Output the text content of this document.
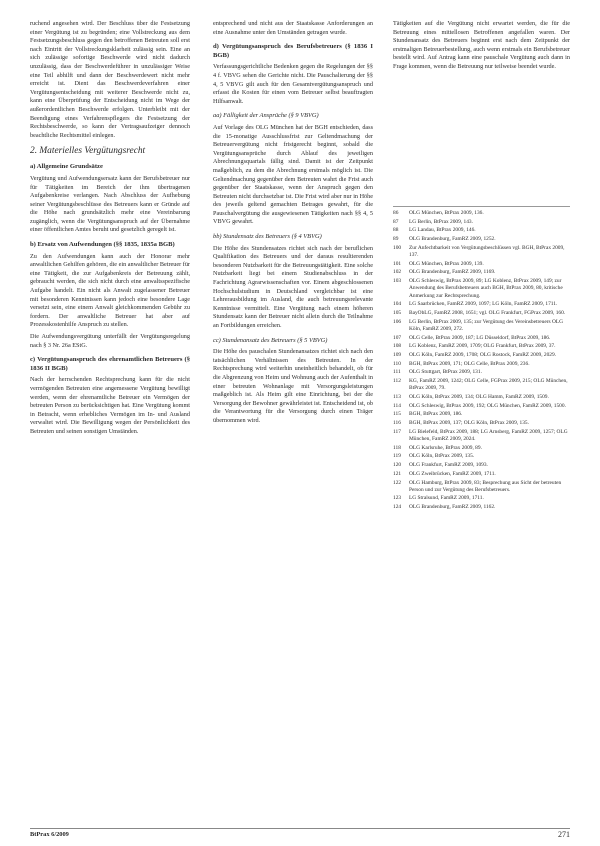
ruchend angesehen wird. Der Beschluss über die Festsetzung einer Vergütung ist zu begründen; eine Vollstreckung aus dem Festsetzungsbeschluss gegen den betroffenen Betreuten soll erst nach Eintritt der Vollstreckungsklarheit zulässig sein. Eine an sich zulässige sofortige Beschwerde wird nicht dadurch unzulässig, dass der Beschwerdeführer in unzulässiger Weise eine Teil abhilft und dann der Beschwerdewert nicht mehr erreicht ist. Dient das Beschwerdeverfahren einer Vergütungsentscheidung mit weiterer Beschwerde nicht zu, kann eine Überprüfung der Entscheidung nicht im Wege der außerordentlichen Beschwerde erfolgen. Unterbleibt mit der Beendigung eines Verfahrenspflegers die Festsetzung der Rechtsbeschwerde, so kann der Vertragsaufzeiger dennoch beachtliche Rechtsmittel einlegen.

2. Materielles Vergütungsrecht
a) Allgemeine Grundsätze

Vergütung und Aufwendungsersatz kann der Berufsbetreuer nur für Tätigkeiten im Bereich der ihm übertragenen Aufgabenkreise verlangen. Nach Abschluss der Aufhebung seiner Vergütungsbeschlüsse des Betreuers kann er Gründe auf die Höhe nach grundsätzlich mehr eine Vereinbarung zugänglich, wenn die Vergütungsanspruch auf der Übernahme einer öffentlichen Amtes beruht und gesetzlich geregelt ist.

b) Ersatz von Aufwendungen (§§ 1835, 1835a BGB)

Zu den Aufwendungen kann auch der Honorar mehr anwaltlichen Gehilfen gehören, die ein anwaltlicher Betreuer für eine Tätigkeit, die zur Aufgabenkreis der Betreuung zählt, gebraucht werden, die sich nicht durch eine anwaltsspezifische Aufgabe handelt. Ein nicht als Anwalt zugelassener Betreuer mit besonderen Kenntnissen kann jedoch eine besondere Lage versetzt sein, eine einem Anwalt gleichkommenden Gebühr zu fordern. Der anwaltliche Betreuer hat aber auf Prozesskostenhilfe Anspruch zu stellen.

Die Aufwendungsvergütung unterfällt der Vergütungsregelung nach § 3 Nr. 26a EStG.

c) Vergütungsanspruch des ehrenamtlichen Betreuers (§ 1836 II BGB)

Nach der herrschenden Rechtsprechung kann für die nicht vermögenden Betreuten eine angemessene Vergütung bewilligt werden, wenn der ehrenamtliche Betreuer ein Vermögen der betreuten Person zu berücksichtigen hat. Eine Vergütung kommt in Betracht, wenn erhebliches Vermögen im In- und Ausland verwaltet wird. Die Bewilligung wegen der Persönlichkeit des Betreuten und seinen sonstigen Umständen.

entsprechend und nicht aus der Staatskasse Anforderungen an eine Ausnahme unter den Umständen getragen wurde.

d) Vergütungsanspruch des Berufsbetreuers (§ 1836 I BGB)

Verfassungsgerichtliche Bedenken gegen die Regelungen der §§ 4 f. VBVG sehen die Gerichte nicht. Die Pauschalierung der §§ 4, 5 VBVG gilt auch für den Gesamtvergütungsanspruch und erfasst die Kosten für einen vom Betreuer selbst beauftragten Hilfsanwalt.

aa) Fälligkeit der Ansprüche (§ 9 VBVG)

Auf Vorlage des OLG München hat der BGH entschieden, dass die 15-monatige Ausschlussfrist zur Geltendmachung der Betreuervergütung nicht fristgerecht beginnt, sobald die Vergütungsansprüche durch Ablauf des jeweiligen Abrechnungsquartals fällig sind. Damit ist der Zeitpunkt maßgeblich, zu dem die Abrechnung erstmals möglich ist. Die Geltendmachung gegenüber dem Betreuten wahrt die Frist auch gegenüber der Staatskasse, wenn der Anspruch gegen den Betreuten nicht durchsetzbar ist. Die Frist wird aber nur in Höhe des jeweils geltend gemachten Betrages gewahrt, für die Pauschalvergütung die ausgewiesenen Tätigkeiten nach §§ 4, 5 VBVG gewahrt.

bb) Stundensatz des Betreuers (§ 4 VBVG)

Die Höhe des Stundensatzes richtet sich nach der beruflichen Qualifikation des Betreuers und der daraus resultierenden besonderen Nutzbarkeit für die Betreuungstätigkeit. Eine solche Nutzbarkeit liegt bei einem Studienabschluss in der Fachrichtung Agrarwissenschaften vor. Einem abgeschlossenen Hochschulstudium in Deutschland vergleichbar ist eine Lehrerausbildung im Ausland, die auch betreuungsrelevante Kenntnisse vermittelt. Eine Vergütung nach einem höheren Stundensatz kann der Betreuer nicht allein durch die Teilnahme an Fortbildungen erreichen.

cc) Stundenansatz des Betreuers (§ 5 VBVG)

Die Höhe des pauschalen Stundenansatzes richtet sich nach den tatsächlichen Verhältnissen des Betreuten. In der Rechtsprechung wird weiterhin uneinheitlich behandelt, ob für die Abgrenzung von Heim und Wohnung auch der Aufenthalt in einer betreuten Wohnanlage mit Versorgungsleistungen maßgeblich ist. Als Heim gilt eine Einrichtung, bei der die Versorgung der Bewohner gewährleistet ist. Entscheidend ist, ob die Verantwortung für die Versorgung durch einen Träger übernommen wird.

Tätigkeiten auf die Vergütung nicht erwartet werden, die für die Betreuung eines mittellosen Betroffenen angefallen waren. Der Stundenansatz des Betreuers beginnt erst nach dem Zeitpunkt der erstmaligen Betreuerbestellung, auch wenn erstmals ein Berufsbetreuer bestellt wird. Auf Antrag kann eine pauschale Vergütung auch dann in Frage kommen, wenn die Betreuung nur teilweise beendet wurde.

86	OLG München, BtPrax 2009, 136.
87	LG Berlin, BtPrax 2009, 143.
88	LG Landau, BtPrax 2009, 146.
89	OLG Brandenburg, FamRZ 2009, 1252.
100	Zur Anfechtbarkeit von Vergütungsbeschlüssen vgl. BGH, BtPrax 2009, 137.
101	OLG München, BtPrax 2009, 139.
102	OLG Brandenburg, FamRZ 2009, 1169.
103	OLG Schleswig, BtPrax 2009, 89; LG Koblenz, BtPrax 2009, 149; zur Anwendung des Berufsbetreuers auch BGH, BtPrax 2009, 80, kritische Anmerkung zur Rechtsprechung.
104	LG Saarbrücken, FamRZ 2009, 1097; LG Köln, FamRZ 2009, 1711.
105	BayObLG, FamRZ 2008, 1651; vgl. OLG Frankfurt, FGPrax 2009, 160.
106	LG Berlin, BtPrax 2009, 135; zur Vergütung des Vereinsbetreuers OLG Köln, FamRZ 2009, 272.
107	OLG Celle, BtPrax 2009, 187; LG Düsseldorf, BtPrax 2009, 186.
108	LG Koblenz, FamRZ 2009, 1709; OLG Frankfurt, BtPrax 2009, 37.
109	OLG Köln, FamRZ 2009, 1708; OLG Rostock, FamRZ 2009, 2029.
110	BGH, BtPrax 2009, 171; OLG Celle, BtPrax 2009, 236.
111	OLG Stuttgart, BtPrax 2009, 131.
112	KG, FamRZ 2009, 1242; OLG Celle, FGPrax 2009, 215; OLG München, BtPrax 2009, 79.
113	OLG Köln, BtPrax 2009, 134; OLG Hamm, FamRZ 2009, 1509.
114	OLG Schleswig, BtPrax 2009, 192; OLG München, FamRZ 2009, 1500.
115	BGH, BtPrax 2009, 186.
116	BGH, BtPrax 2009, 137; OLG Köln, BtPrax 2009, 135.
117	LG Bielefeld, BtPrax 2009, 188; LG Arnsberg, FamRZ 2009, 1257; OLG München, FamRZ 2009, 2024.
118	OLG Karlsruhe, BtPrax 2009, 89.
119	OLG Köln, BtPrax 2009, 135.
120	OLG Frankfurt, FamRZ 2009, 1093.
121	OLG Zweibrücken, FamRZ 2009, 1711.
122	OLG Hamburg, BtPrax 2009, 83; Besprechung aus Sicht der betreuten Person und zur Vergütung des Berufsbetreuers.
123	LG Stralsund, FamRZ 2009, 1711.
124	OLG Brandenburg, FamRZ 2009, 1162.
BtPrax 6/2009	271
